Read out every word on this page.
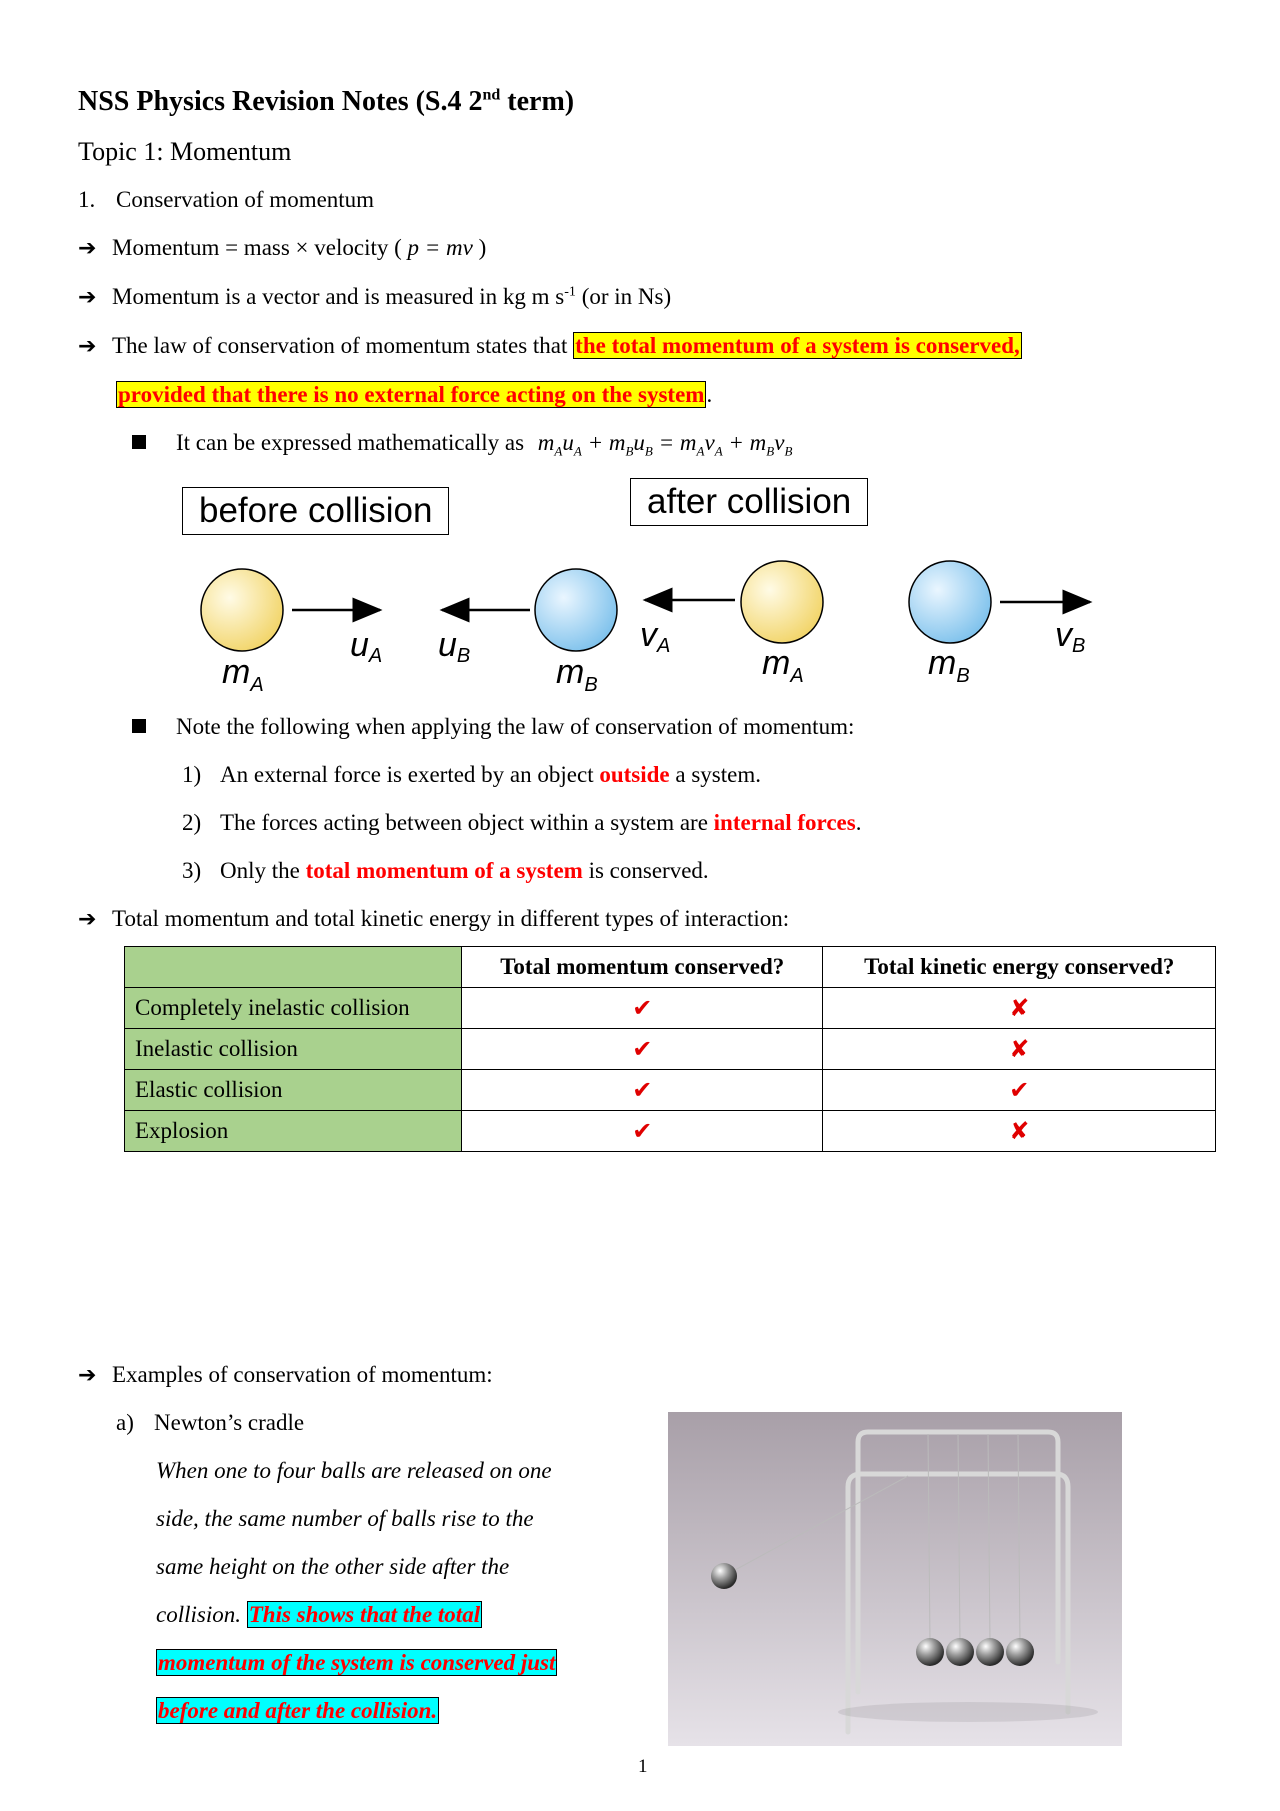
NSS Physics Revision Notes (S.4 2nd term)
Topic 1: Momentum
1. Conservation of momentum
➔ Momentum = mass × velocity ( p = mv )
➔ Momentum is a vector and is measured in kg m $s^{-1}$ (or in Ns)
➔ The law of conservation of momentum states that the total momentum of a system is conserved,
provided that there is no external force acting on the system.
It can be expressed mathematically as $m_Au_A + m_Bu_B = m_Av_A + m_Bv_B$
before collision	after collision
uA uB
vA	vB
$m_A$	$m_B$
$m_A$	$m_B$
Note the following when applying the law of conservation of momentum:
1) An external force is exerted by an object outside a system.
2) The forces acting between object within a system are internal forces.
3) Only the total momentum of a system is conserved.
➔ Total momentum and total kinetic energy in different types of interaction:
	Total momentum conserved?	Total kinetic energy conserved?
Completely inelastic collision	✔	✘
Inelastic collision	✔	✘
Elastic collision	✔	✔
Explosion	✔	✘
➔ Examples of conservation of momentum:
a) Newton’s cradle
When one to four balls are released on one
side, the same number of balls rise to the
same height on the other side after the
collision. This shows that the total
momentum of the system is conserved just
before and after the collision.
1
